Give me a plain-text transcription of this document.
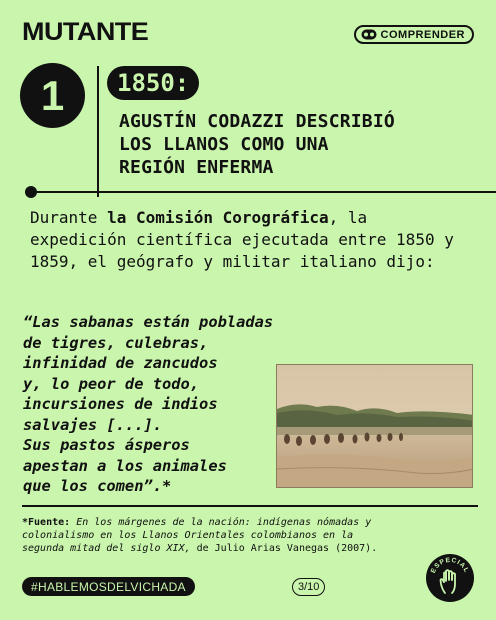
MUTANTE	COMPRENDER
1	1850:
AGUSTÍN CODAZZI DESCRIBIÓ
LOS LLANOS COMO UNA
REGIÓN ENFERMA

Durante la Comisión Corográfica, la expedición científica ejecutada entre 1850 y 1859, el geógrafo y militar italiano dijo:

“Las sabanas están pobladas
de tigres, culebras,
infinidad de zancudos
y, lo peor de todo,
incursiones de indios
salvajes [...].
Sus pastos ásperos
apestan a los animales
que los comen”.*

*Fuente: En los márgenes de la nación: indígenas nómadas y colonialismo en los Llanos Orientales colombianos en la segunda mitad del siglo XIX, de Julio Arias Vanegas (2007).

#HABLEMOSDELVICHADA	3/10
ESPECIAL
